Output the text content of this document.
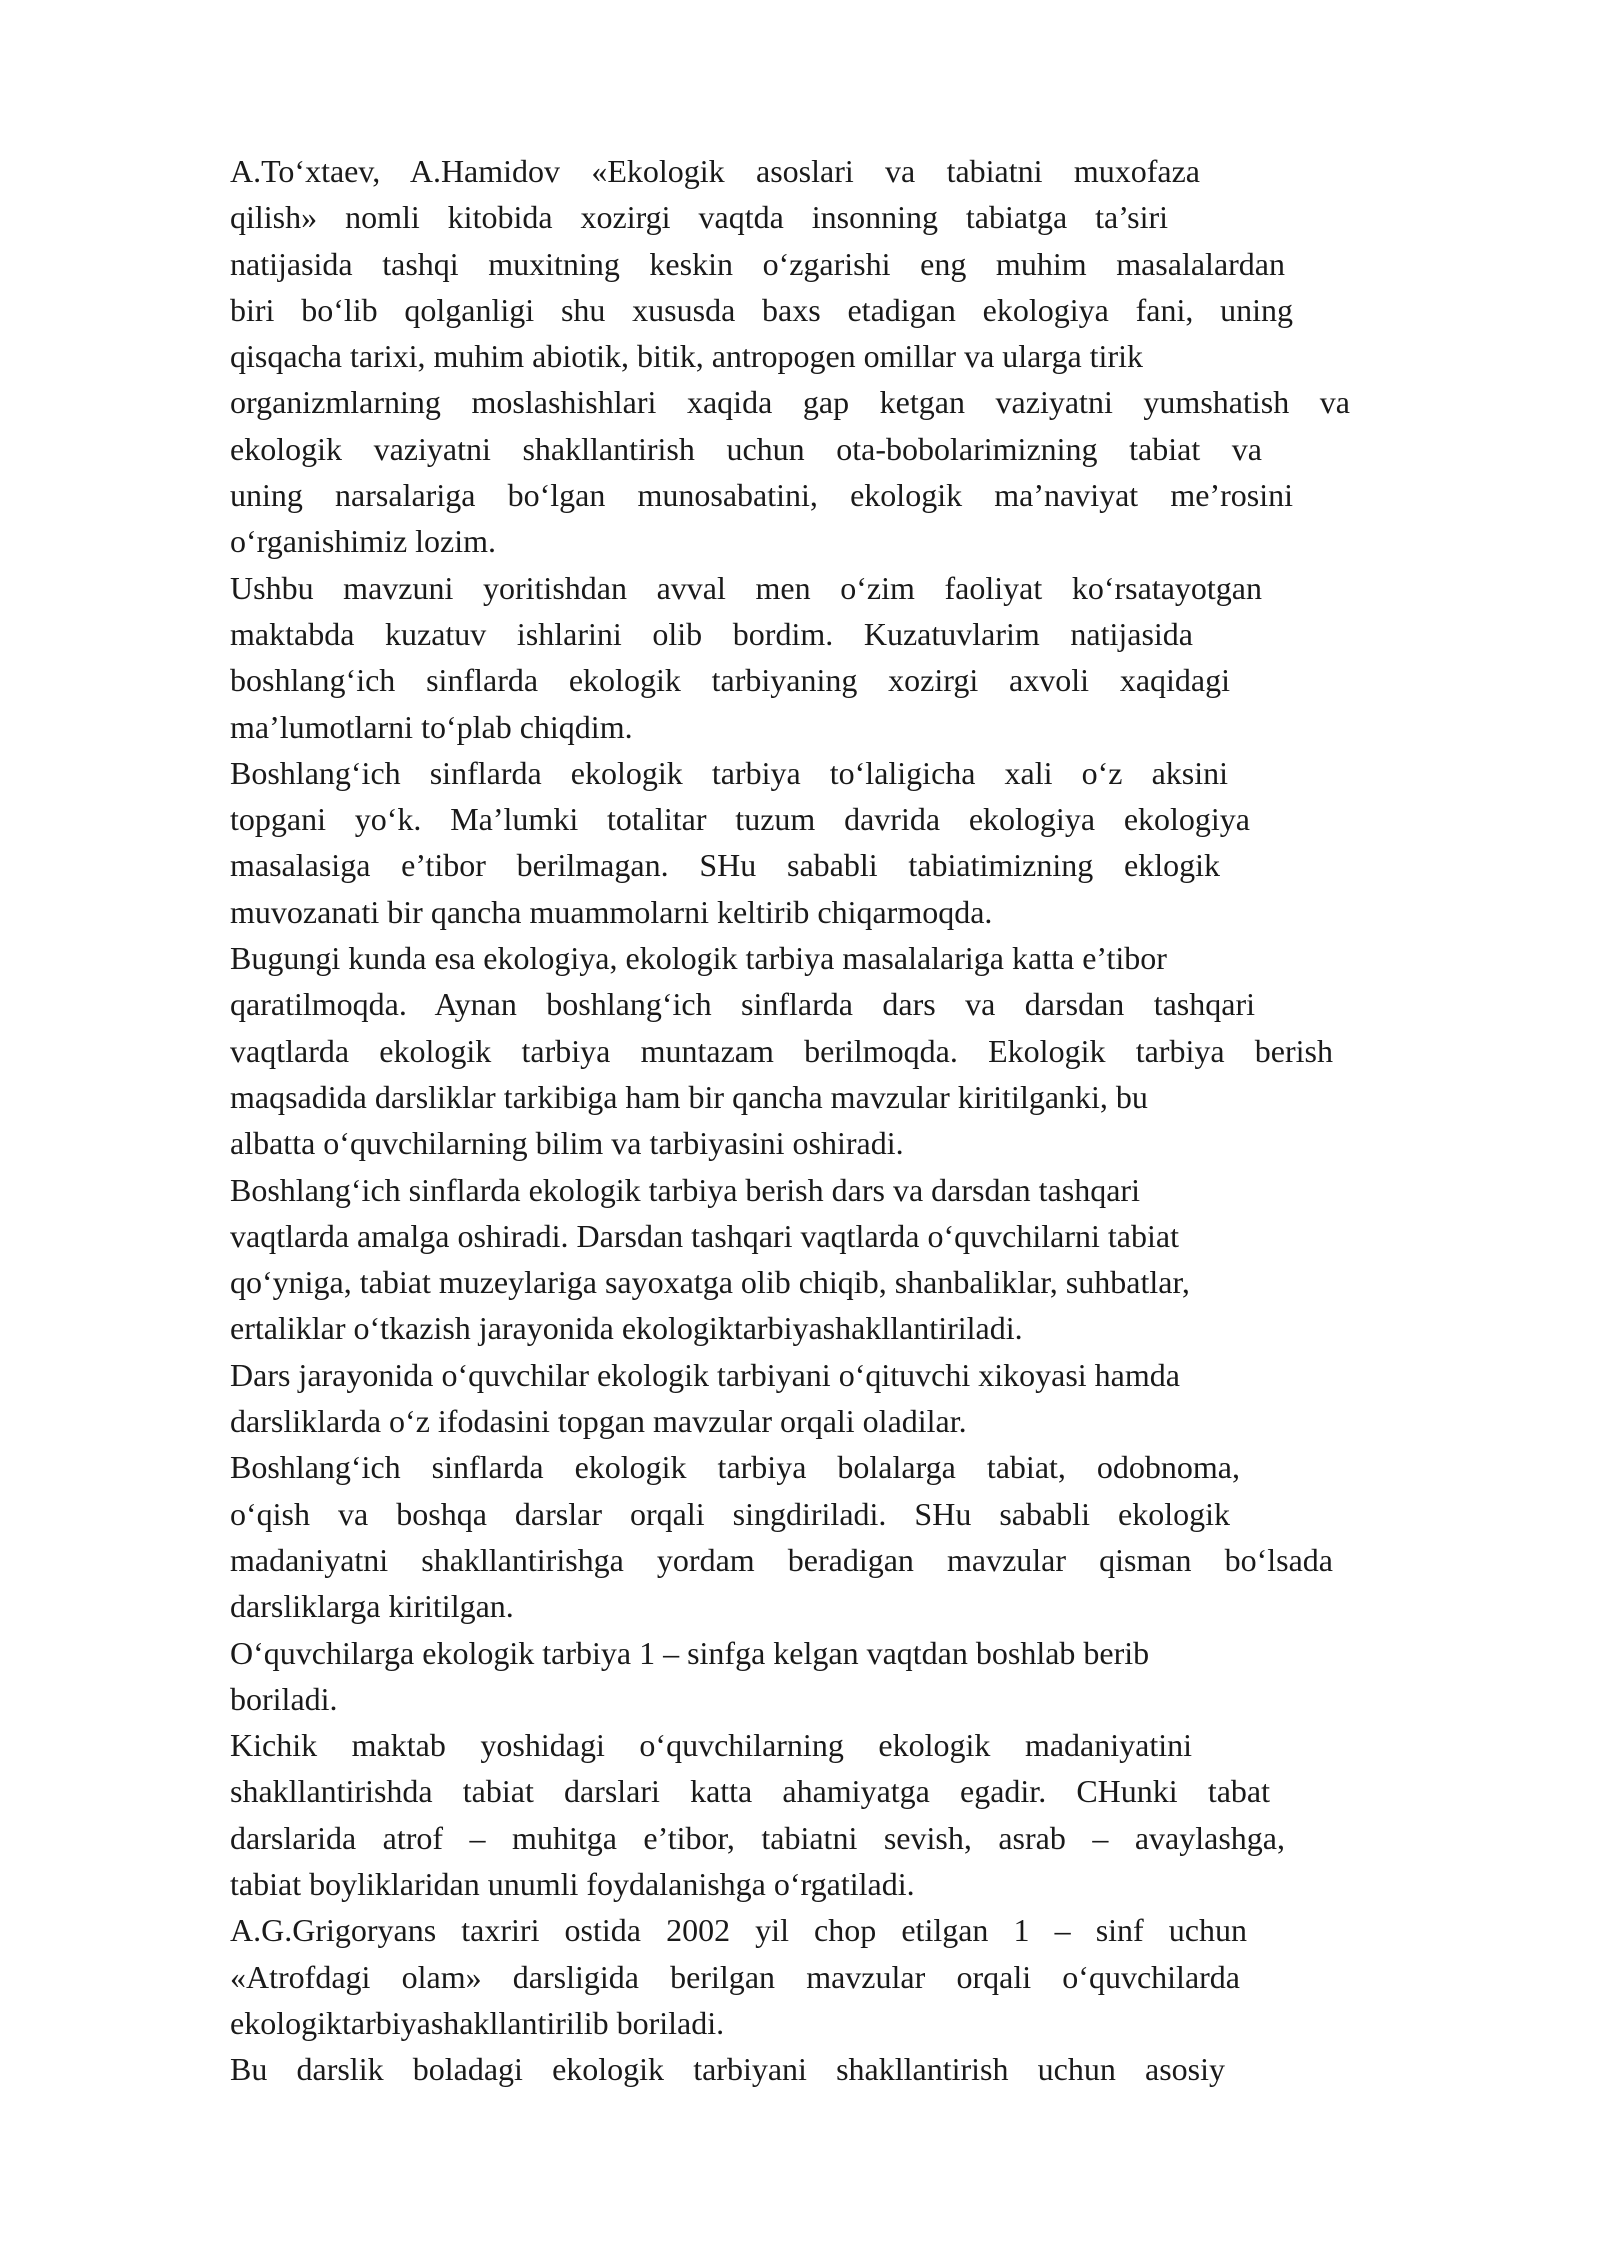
A.To‘xtaev, A.Hamidov «Ekologik asoslari va tabiatni muxofaza
qilish» nomli kitobida xozirgi vaqtda insonning tabiatga ta’siri
natijasida tashqi muxitning keskin o‘zgarishi eng muhim masalalardan
biri bo‘lib qolganligi shu xususda baxs etadigan ekologiya fani, uning
qisqacha tarixi, muhim abiotik, bitik, antropogen omillar va ularga tirik
organizmlarning moslashishlari xaqida gap ketgan vaziyatni yumshatish va
ekologik vaziyatni shakllantirish uchun ota-bobolarimizning tabiat va
uning narsalariga bo‘lgan munosabatini, ekologik ma’naviyat me’rosini
o‘rganishimiz lozim.
Ushbu mavzuni yoritishdan avval men o‘zim faoliyat ko‘rsatayotgan
maktabda kuzatuv ishlarini olib bordim. Kuzatuvlarim natijasida
boshlang‘ich sinflarda ekologik tarbiyaning xozirgi axvoli xaqidagi
ma’lumotlarni to‘plab chiqdim.
Boshlang‘ich sinflarda ekologik tarbiya to‘laligicha xali o‘z aksini
topgani yo‘k. Ma’lumki totalitar tuzum davrida ekologiya ekologiya
masalasiga e’tibor berilmagan. SHu sababli tabiatimizning eklogik
muvozanati bir qancha muammolarni keltirib chiqarmoqda.
Bugungi kunda esa ekologiya, ekologik tarbiya masalalariga katta e’tibor
qaratilmoqda. Aynan boshlang‘ich sinflarda dars va darsdan tashqari
vaqtlarda ekologik tarbiya muntazam berilmoqda. Ekologik tarbiya berish
maqsadida darsliklar tarkibiga ham bir qancha mavzular kiritilganki, bu
albatta o‘quvchilarning bilim va tarbiyasini oshiradi.
Boshlang‘ich sinflarda ekologik tarbiya berish dars va darsdan tashqari
vaqtlarda amalga oshiradi. Darsdan tashqari vaqtlarda o‘quvchilarni tabiat
qo‘yniga, tabiat muzeylariga sayoxatga olib chiqib, shanbaliklar, suhbatlar,
ertaliklar o‘tkazish jarayonida ekologiktarbiyashakllantiriladi.
Dars jarayonida o‘quvchilar ekologik tarbiyani o‘qituvchi xikoyasi hamda
darsliklarda o‘z ifodasini topgan mavzular orqali oladilar.
Boshlang‘ich sinflarda ekologik tarbiya bolalarga tabiat, odobnoma,
o‘qish va boshqa darslar orqali singdiriladi. SHu sababli ekologik
madaniyatni shakllantirishga yordam beradigan mavzular qisman bo‘lsada
darsliklarga kiritilgan.
O‘quvchilarga ekologik tarbiya 1 – sinfga kelgan vaqtdan boshlab berib
boriladi.
Kichik maktab yoshidagi o‘quvchilarning ekologik madaniyatini
shakllantirishda tabiat darslari katta ahamiyatga egadir. CHunki tabat
darslarida atrof – muhitga e’tibor, tabiatni sevish, asrab – avaylashga,
tabiat boyliklaridan unumli foydalanishga o‘rgatiladi.
A.G.Grigoryans taxriri ostida 2002 yil chop etilgan 1 – sinf uchun
«Atrofdagi olam» darsligida berilgan mavzular orqali o‘quvchilarda
ekologiktarbiyashakllantirilib boriladi.
Bu darslik boladagi ekologik tarbiyani shakllantirish uchun asosiy
